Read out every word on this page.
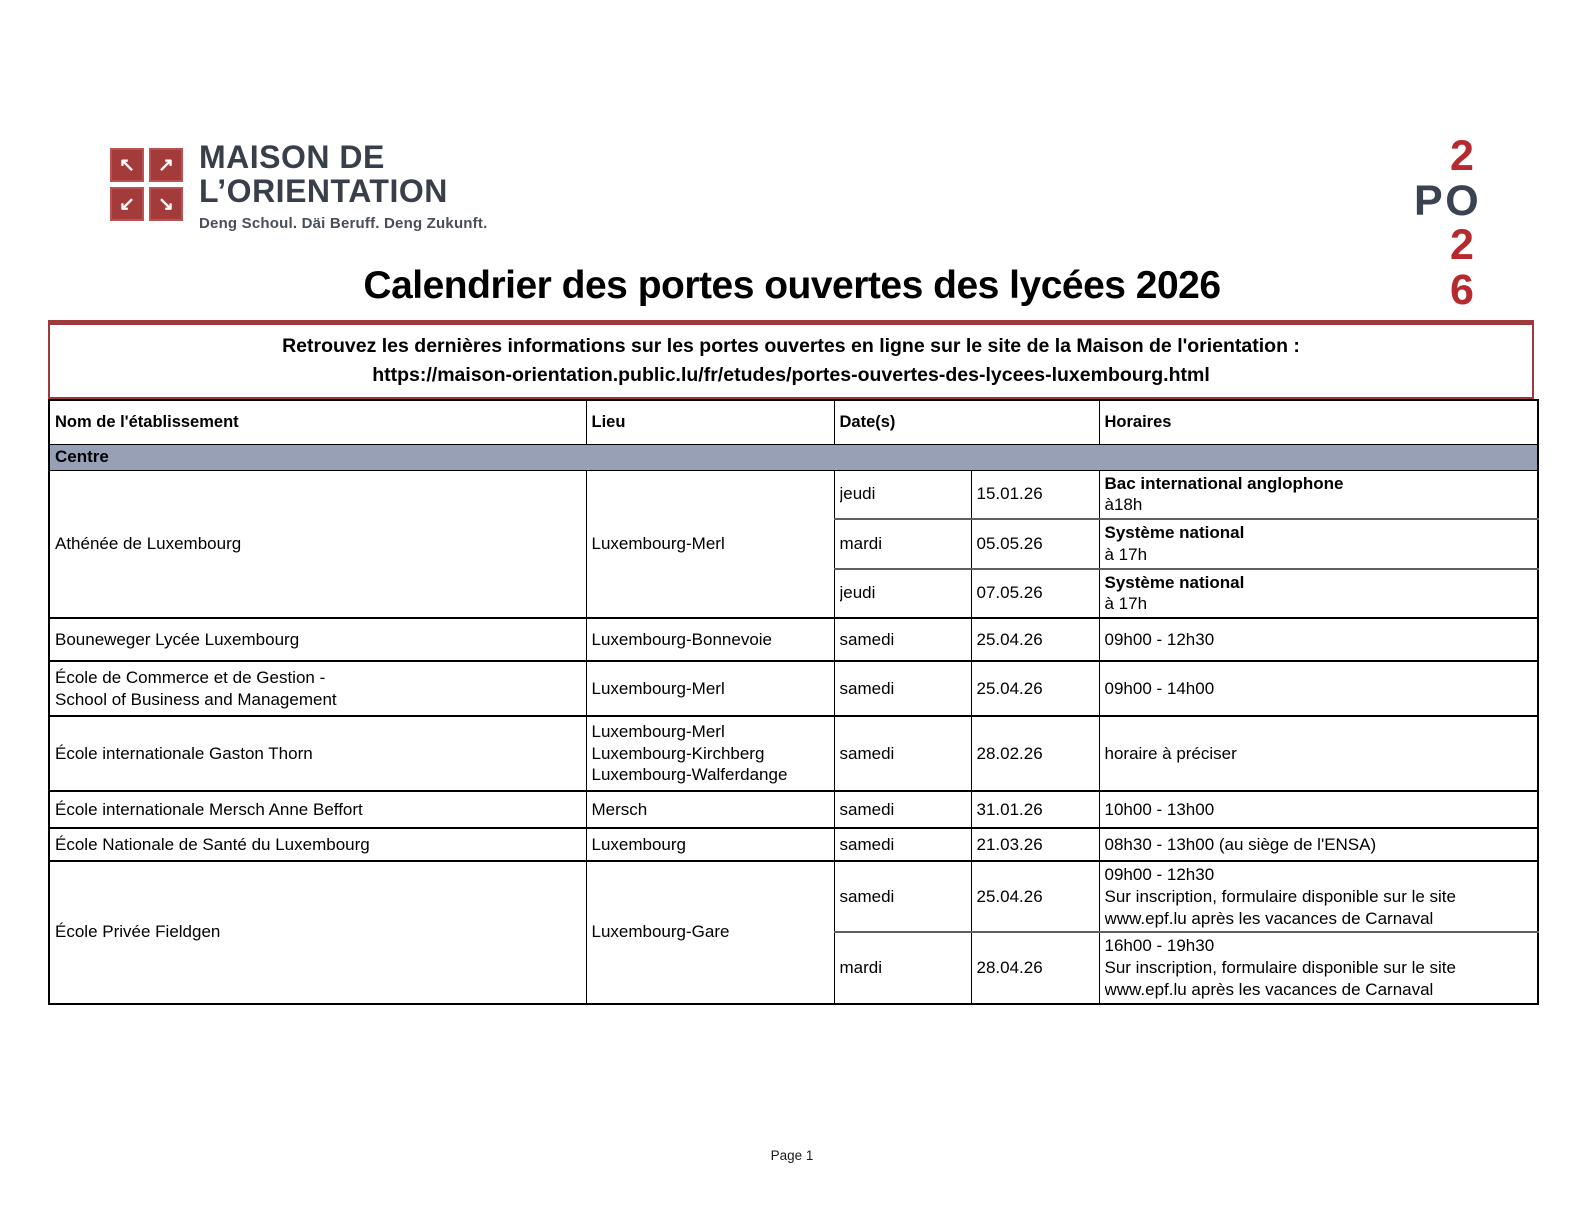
↖	↗
↙	↘
MAISON DE
L’ORIENTATION
Deng Schoul. Däi Beruff. Deng Zukunft.
2
P O
2
6
Calendrier des portes ouvertes des lycées 2026
Retrouvez les dernières informations sur les portes ouvertes en ligne sur le site de la Maison de l'orientation :
https://maison-orientation.public.lu/fr/etudes/portes-ouvertes-des-lycees-luxembourg.html
Nom de l'établissement	Lieu	Date(s)		Horaires
Centre				

Athénée de Luxembourg	Luxembourg-Merl	jeudi	15.01.26	Bac international anglophone
à18h

		mardi	05.05.26	Système national
à 17h

		jeudi	07.05.26	Système national
à 17h

Bouneweger Lycée Luxembourg	Luxembourg-Bonnevoie	samedi	25.04.26	09h00 - 12h30

École de Commerce et de Gestion -
School of Business and Management	Luxembourg-Merl	samedi	25.04.26	09h00 - 14h00

École internationale Gaston Thorn	Luxembourg-Merl
Luxembourg-Kirchberg
Luxembourg-Walferdange	samedi	28.02.26	horaire à préciser

École internationale Mersch Anne Beffort	Mersch	samedi	31.01.26	10h00 - 13h00

École Nationale de Santé du Luxembourg	Luxembourg	samedi	21.03.26	08h30 - 13h00 (au siège de l'ENSA)

École Privée Fieldgen	Luxembourg-Gare	samedi	25.04.26	09h00 - 12h30
Sur inscription, formulaire disponible sur le site
www.epf.lu après les vacances de Carnaval

		mardi	28.04.26	16h00 - 19h30
Sur inscription, formulaire disponible sur le site
www.epf.lu après les vacances de Carnaval
Page 1
